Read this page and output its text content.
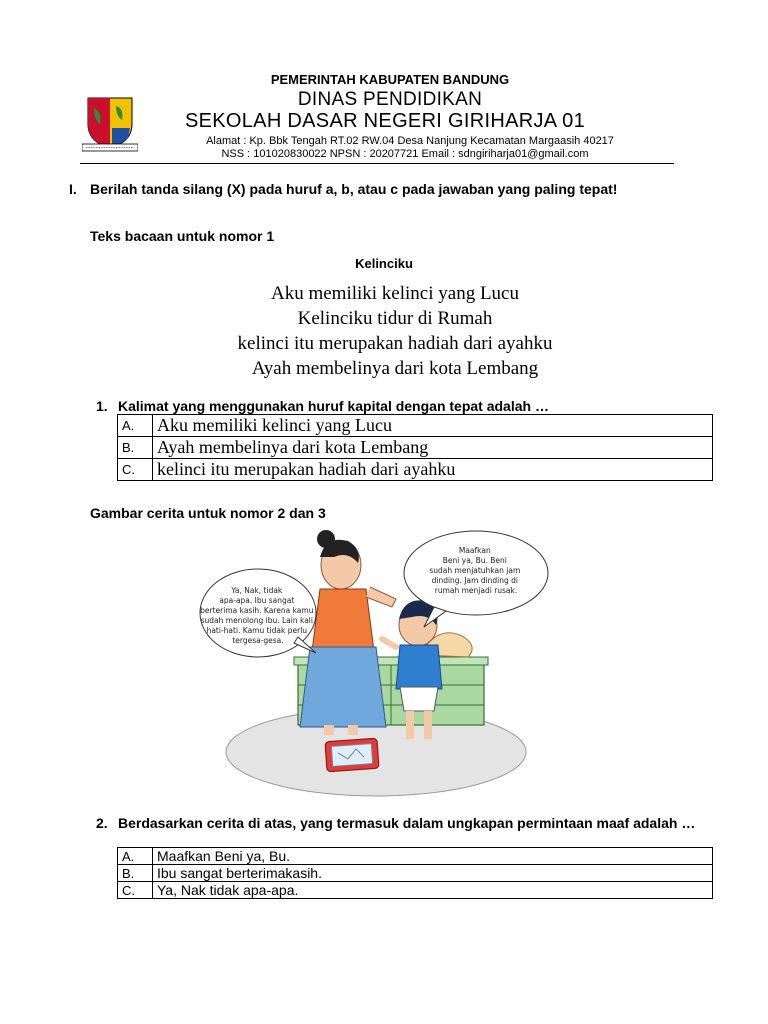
PEMERINTAH KABUPATEN BANDUNG
DINAS PENDIDIKAN
SEKOLAH DASAR NEGERI GIRIHARJA 01
Alamat : Kp. Bbk Tengah RT.02 RW.04 Desa Nanjung Kecamatan Margaasih 40217
NSS : 101020830022 NPSN : 20207721 Email : sdngiriharja01@gmail.com
I. Berilah tanda silang (X) pada huruf a, b, atau c pada jawaban yang paling tepat!
Teks bacaan untuk nomor 1
Kelinciku
Aku memiliki kelinci yang Lucu
Kelinciku tidur di Rumah
kelinci itu merupakan hadiah dari ayahku
Ayah membelinya dari kota Lembang
1. Kalimat yang menggunakan huruf kapital dengan tepat adalah …
A.	Aku memiliki kelinci yang Lucu
B.	Ayah membelinya dari kota Lembang
C.	kelinci itu merupakan hadiah dari ayahku
Gambar cerita untuk nomor 2 dan 3
Ya, Nak, tidak apa-apa. Ibu sangat berterima kasih. Karena kamu sudah menolong ibu. Lain kali hati-hati. Kamu tidak perlu tergesa-gesa.
Maafkan Beni ya, Bu. Beni sudah menjatuhkan jam dinding. Jam dinding di rumah menjadi rusak.
2. Berdasarkan cerita di atas, yang termasuk dalam ungkapan permintaan maaf adalah …
A.	Maafkan Beni ya, Bu.
B.	Ibu sangat berterimakasih.
C.	Ya, Nak tidak apa-apa.
